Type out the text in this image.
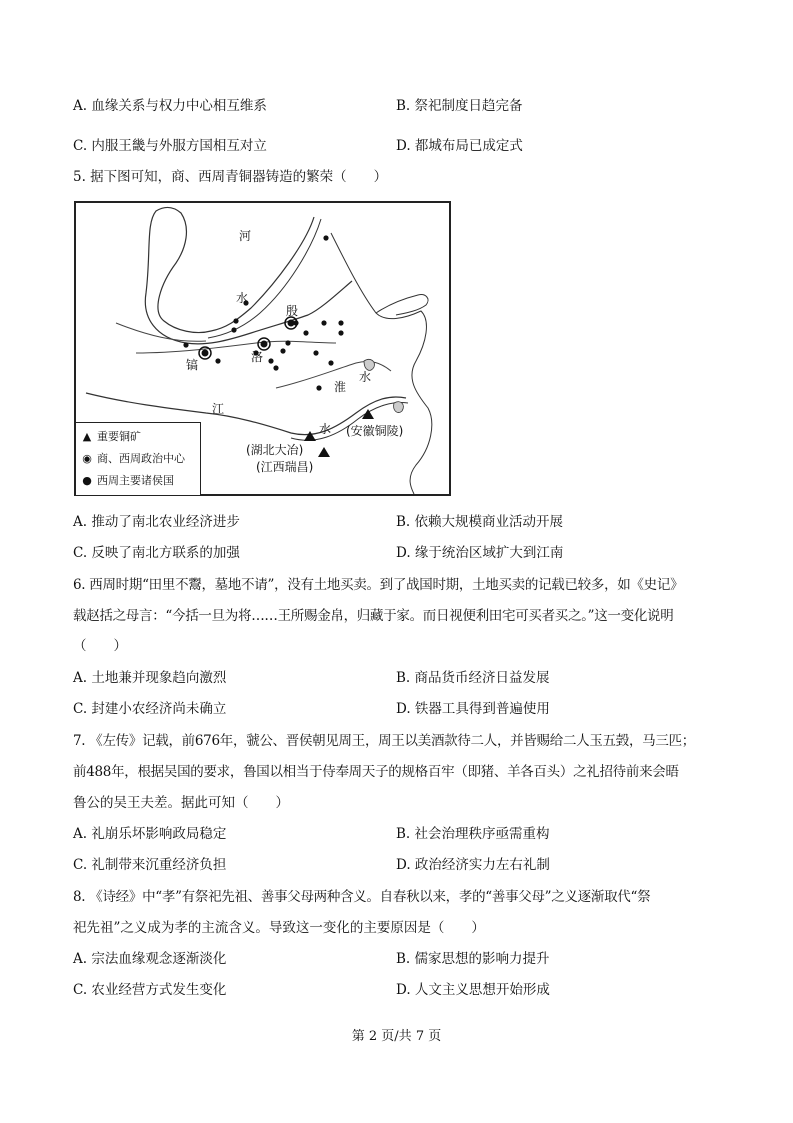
A. 血缘关系与权力中心相互维系	B. 祭祀制度日趋完备
C. 内服王畿与外服方国相互对立	D. 都城布局已成定式
5. 据下图可知，商、西周青铜器铸造的繁荣（　　）
河
水
殷
洛
镐
淮
水
江
水 (安徽铜陵)
(湖北大冶)
(江西瑞昌)
▲ 重要铜矿
◉ 商、西周政治中心
● 西周主要诸侯国
A. 推动了南北农业经济进步	B. 依赖大规模商业活动开展
C. 反映了南北方联系的加强	D. 缘于统治区域扩大到江南
6. 西周时期“田里不鬻，墓地不请”，没有土地买卖。到了战国时期，土地买卖的记载已较多，如《史记》
载赵括之母言：“今括一旦为将……王所赐金帛，归藏于家。而日视便利田宅可买者买之。”这一变化说明
（　　）
A. 土地兼并现象趋向激烈	B. 商品货币经济日益发展
C. 封建小农经济尚未确立	D. 铁器工具得到普遍使用
7. 《左传》记载，前676年，虢公、晋侯朝见周王，周王以美酒款待二人，并皆赐给二人玉五瑴，马三匹；
前488年，根据吴国的要求，鲁国以相当于侍奉周天子的规格百牢（即猪、羊各百头）之礼招待前来会晤
鲁公的吴王夫差。据此可知（　　）
A. 礼崩乐坏影响政局稳定	B. 社会治理秩序亟需重构
C. 礼制带来沉重经济负担	D. 政治经济实力左右礼制
8. 《诗经》中“孝”有祭祀先祖、善事父母两种含义。自春秋以来，孝的“善事父母”之义逐渐取代“祭
祀先祖”之义成为孝的主流含义。导致这一变化的主要原因是（　　）
A. 宗法血缘观念逐渐淡化	B. 儒家思想的影响力提升
C. 农业经营方式发生变化	D. 人文主义思想开始形成
第 2 页/共 7 页
